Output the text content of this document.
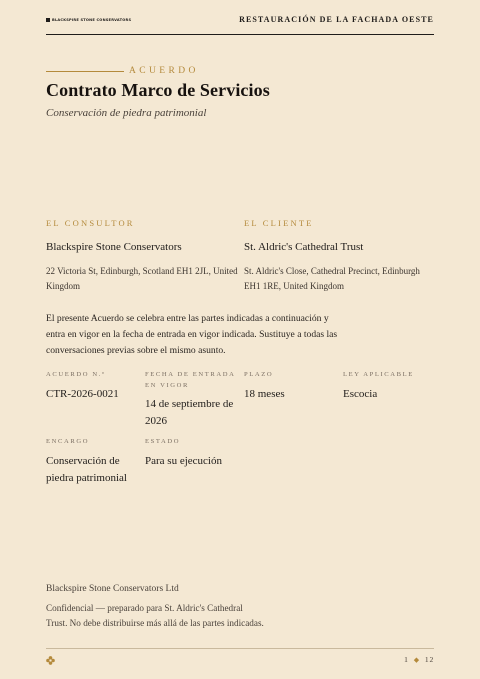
BLACKSPIRE STONE CONSERVATORS	RESTAURACIÓN DE LA FACHADA OESTE
ACUERDO
Contrato Marco de Servicios
Conservación de piedra patrimonial
EL CONSULTOR
Blackspire Stone Conservators
22 Victoria St, Edinburgh, Scotland EH1 2JL, United Kingdom
EL CLIENTE
St. Aldric's Cathedral Trust
St. Aldric's Close, Cathedral Precinct, Edinburgh EH1 1RE, United Kingdom
El presente Acuerdo se celebra entre las partes indicadas a continuación y entra en vigor en la fecha de entrada en vigor indicada. Sustituye a todas las conversaciones previas sobre el mismo asunto.
ACUERDO N.º
CTR-2026-0021
FECHA DE ENTRADA EN VIGOR
14 de septiembre de 2026
PLAZO
18 meses
LEY APLICABLE
Escocia
ENCARGO
Conservación de piedra patrimonial
ESTADO
Para su ejecución
Blackspire Stone Conservators Ltd
Confidencial — preparado para St. Aldric's Cathedral Trust. No debe distribuirse más allá de las partes indicadas.
1 ◆ 12
